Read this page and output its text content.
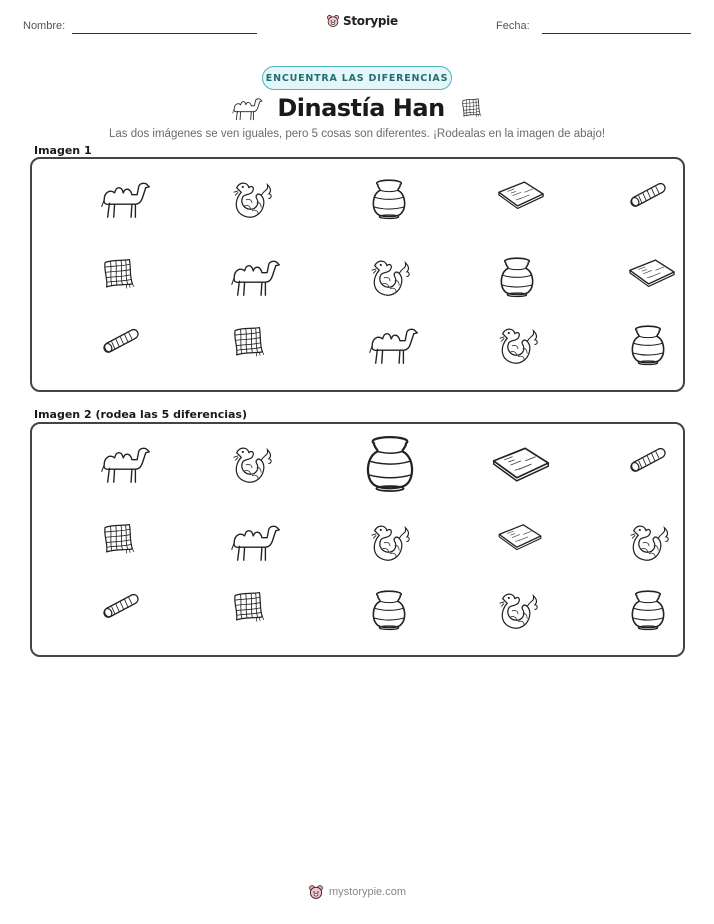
Nombre:	Storypie	Fecha:
ENCUENTRA LAS DIFERENCIAS
Dinastía Han
Las dos imágenes se ven iguales, pero 5 cosas son diferentes. ¡Rodealas en la imagen de abajo!
Imagen 1
Imagen 2 (rodea las 5 diferencias)
mystorypie.com
